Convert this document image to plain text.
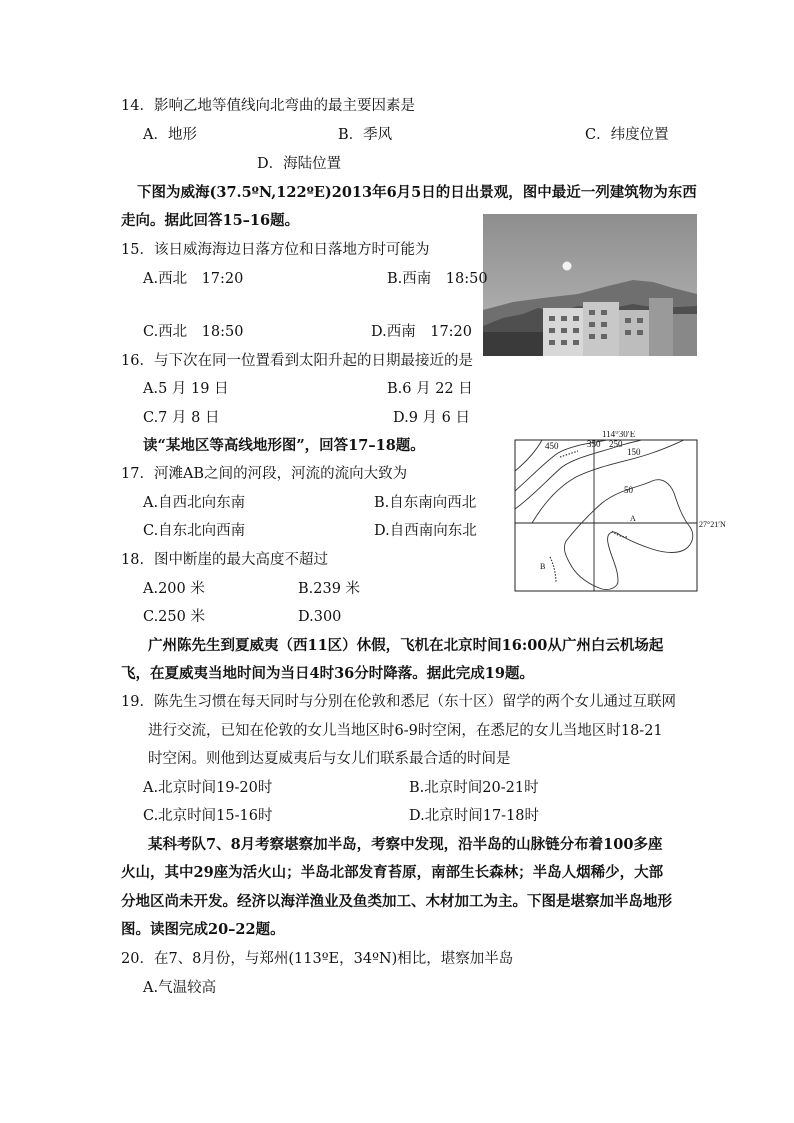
14．影响乙地等值线向北弯曲的最主要因素是
A．地形	B．季风	C．纬度位置
D．海陆位置
下图为威海(37.5ºN,122ºE)2013年6月5日的日出景观，图中最近一列建筑物为东西
走向。据此回答15–16题。
15．该日威海海边日落方位和日落地方时可能为
A.西北　17:20	B.西南　18:50
C.西北　18:50	D.西南　17:20
16．与下次在同一位置看到太阳升起的日期最接近的是
A.5 月 19 日	B.6 月 22 日
C.7 月 8 日	D.9 月 6 日
读“某地区等高线地形图”，回答17–18题。
114°30′E
27°21′N
450	350 250
150
50
A
B
17．河滩AB之间的河段，河流的流向大致为
A.自西北向东南	B.自东南向西北
C.自东北向西南	D.自西南向东北
18．图中断崖的最大高度不超过
A.200 米	B.239 米
C.250 米	D.300
广州陈先生到夏威夷（西11区）休假，飞机在北京时间16:00从广州白云机场起
飞，在夏威夷当地时间为当日4时36分时降落。据此完成19题。
19．陈先生习惯在每天同时与分别在伦敦和悉尼（东十区）留学的两个女儿通过互联网
进行交流，已知在伦敦的女儿当地区时6-9时空闲，在悉尼的女儿当地区时18-21
时空闲。则他到达夏威夷后与女儿们联系最合适的时间是
A.北京时间19-20时	B.北京时间20-21时
C.北京时间15-16时	D.北京时间17-18时
某科考队7、8月考察堪察加半岛，考察中发现，沿半岛的山脉链分布着100多座
火山，其中29座为活火山；半岛北部发育苔原，南部生长森林；半岛人烟稀少，大部
分地区尚未开发。经济以海洋渔业及鱼类加工、木材加工为主。下图是堪察加半岛地形
图。读图完成20–22题。
20．在7、8月份，与郑州(113ºE，34ºN)相比，堪察加半岛
A.气温较高
